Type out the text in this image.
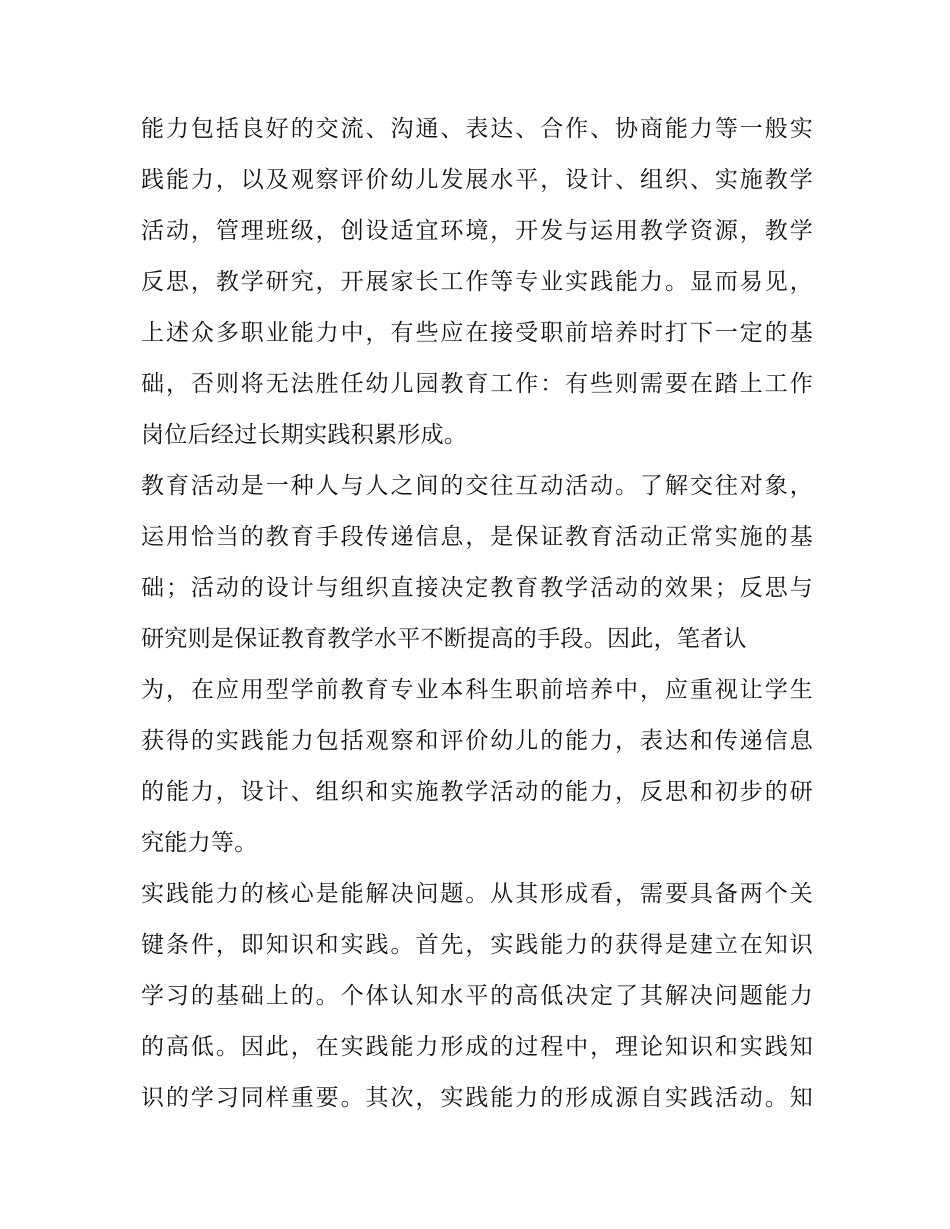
能力包括良好的交流、沟通、表达、合作、协商能力等一般实
践能力，以及观察评价幼儿发展水平，设计、组织、实施教学
活动，管理班级，创设适宜环境，开发与运用教学资源，教学
反思，教学研究，开展家长工作等专业实践能力。显而易见，
上述众多职业能力中，有些应在接受职前培养时打下一定的基
础，否则将无法胜任幼儿园教育工作：有些则需要在踏上工作
岗位后经过长期实践积累形成。
教育活动是一种人与人之间的交往互动活动。了解交往对象，
运用恰当的教育手段传递信息，是保证教育活动正常实施的基
础；活动的设计与组织直接决定教育教学活动的效果；反思与
研究则是保证教育教学水平不断提高的手段。因此，笔者认
为，在应用型学前教育专业本科生职前培养中，应重视让学生
获得的实践能力包括观察和评价幼儿的能力，表达和传递信息
的能力，设计、组织和实施教学活动的能力，反思和初步的研
究能力等。
实践能力的核心是能解决问题。从其形成看，需要具备两个关
键条件，即知识和实践。首先，实践能力的获得是建立在知识
学习的基础上的。个体认知水平的高低决定了其解决问题能力
的高低。因此，在实践能力形成的过程中，理论知识和实践知
识的学习同样重要。其次，实践能力的形成源自实践活动。知
